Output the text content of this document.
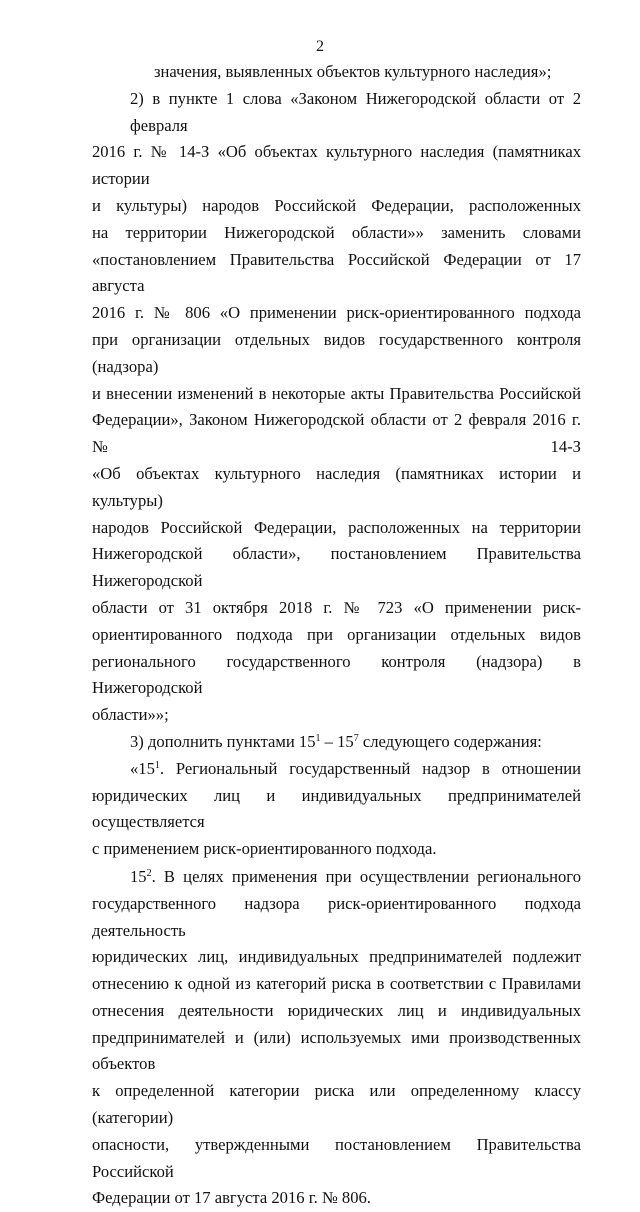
2
значения, выявленных объектов культурного наследия»;
2) в пункте 1 слова «Законом Нижегородской области от 2 февраля
2016 г. № 14-З «Об объектах культурного наследия (памятниках истории
и культуры) народов Российской Федерации, расположенных
на территории Нижегородской области»» заменить словами
«постановлением Правительства Российской Федерации от 17 августа
2016 г. № 806 «О применении риск-ориентированного подхода
при организации отдельных видов государственного контроля (надзора)
и внесении изменений в некоторые акты Правительства Российской
Федерации», Законом Нижегородской области от 2 февраля 2016 г. № 14-З
«Об объектах культурного наследия (памятниках истории и культуры)
народов Российской Федерации, расположенных на территории
Нижегородской области», постановлением Правительства Нижегородской
области от 31 октября 2018 г. № 723 «О применении риск-
ориентированного подхода при организации отдельных видов
регионального государственного контроля (надзора) в Нижегородской
области»»;
3) дополнить пунктами $15^1 - 15^7$ следующего содержания:
«$15^1$. Региональный государственный надзор в отношении
юридических лиц и индивидуальных предпринимателей осуществляется
с применением риск-ориентированного подхода.
$15^2$. В целях применения при осуществлении регионального
государственного надзора риск-ориентированного подхода деятельность
юридических лиц, индивидуальных предпринимателей подлежит
отнесению к одной из категорий риска в соответствии с Правилами
отнесения деятельности юридических лиц и индивидуальных
предпринимателей и (или) используемых ими производственных объектов
к определенной категории риска или определенному классу (категории)
опасности, утвержденными постановлением Правительства Российской
Федерации от 17 августа 2016 г. № 806.
